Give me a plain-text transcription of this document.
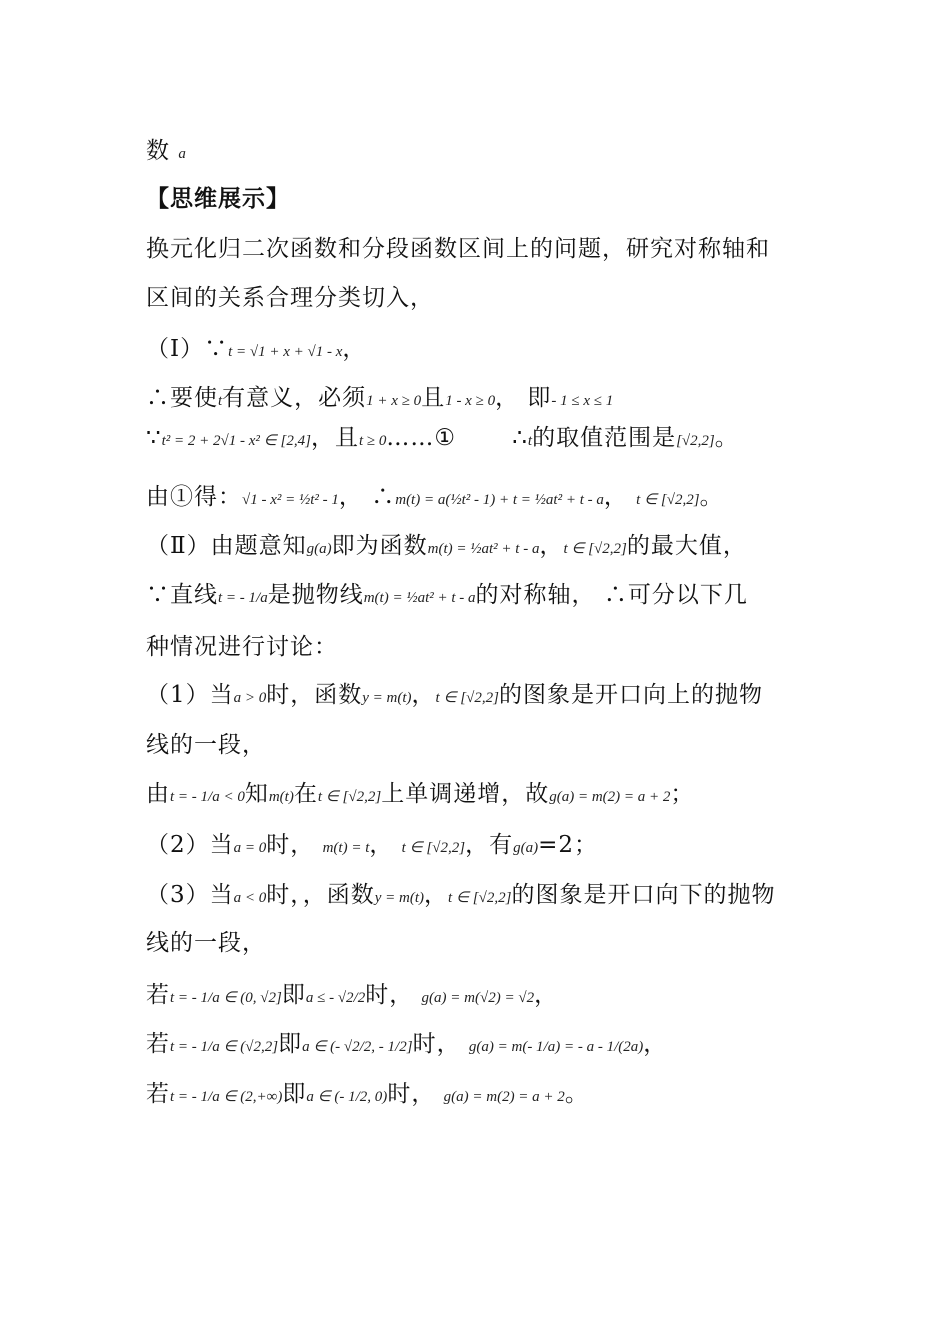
数 a
【思维展示】
换元化归二次函数和分段函数区间上的问题，研究对称轴和
区间的关系合理分类切入，
（Ⅰ）∵t = √1 + x + √1 - x，
∴要使t有意义，必须1 + x ≥ 0且1 - x ≥ 0， 即- 1 ≤ x ≤ 1
∵t² = 2 + 2√1 - x² ∈ [2,4]，且t ≥ 0……①　　 ∴t的取值范围是[√2,2]。
由①得：√1 - x² = ½t² - 1， ∴m(t) = a(½t² - 1) + t = ½at² + t - a， t ∈ [√2,2]。
（Ⅱ）由题意知g(a)即为函数m(t) = ½at² + t - a，t ∈ [√2,2]的最大值，
∵直线t = - 1/a是抛物线m(t) = ½at² + t - a的对称轴， ∴可分以下几
种情况进行讨论：
（1）当a > 0时，函数y = m(t)，t ∈ [√2,2]的图象是开口向上的抛物
线的一段，
由t = - 1/a < 0知m(t)在t ∈ [√2,2]上单调递增，故g(a) = m(2) = a + 2；
（2）当a = 0时， m(t) = t， t ∈ [√2,2]，有g(a)=2；
（3）当a < 0时，，函数y = m(t)，t ∈ [√2,2]的图象是开口向下的抛物
线的一段，
若t = - 1/a ∈ (0, √2]即a ≤ - √2/2时， g(a) = m(√2) = √2，
若t = - 1/a ∈ (√2,2]即a ∈ (- √2/2, - 1/2]时， g(a) = m(- 1/a) = - a - 1/(2a)，
若t = - 1/a ∈ (2,+∞)即a ∈ (- 1/2, 0)时， g(a) = m(2) = a + 2。
